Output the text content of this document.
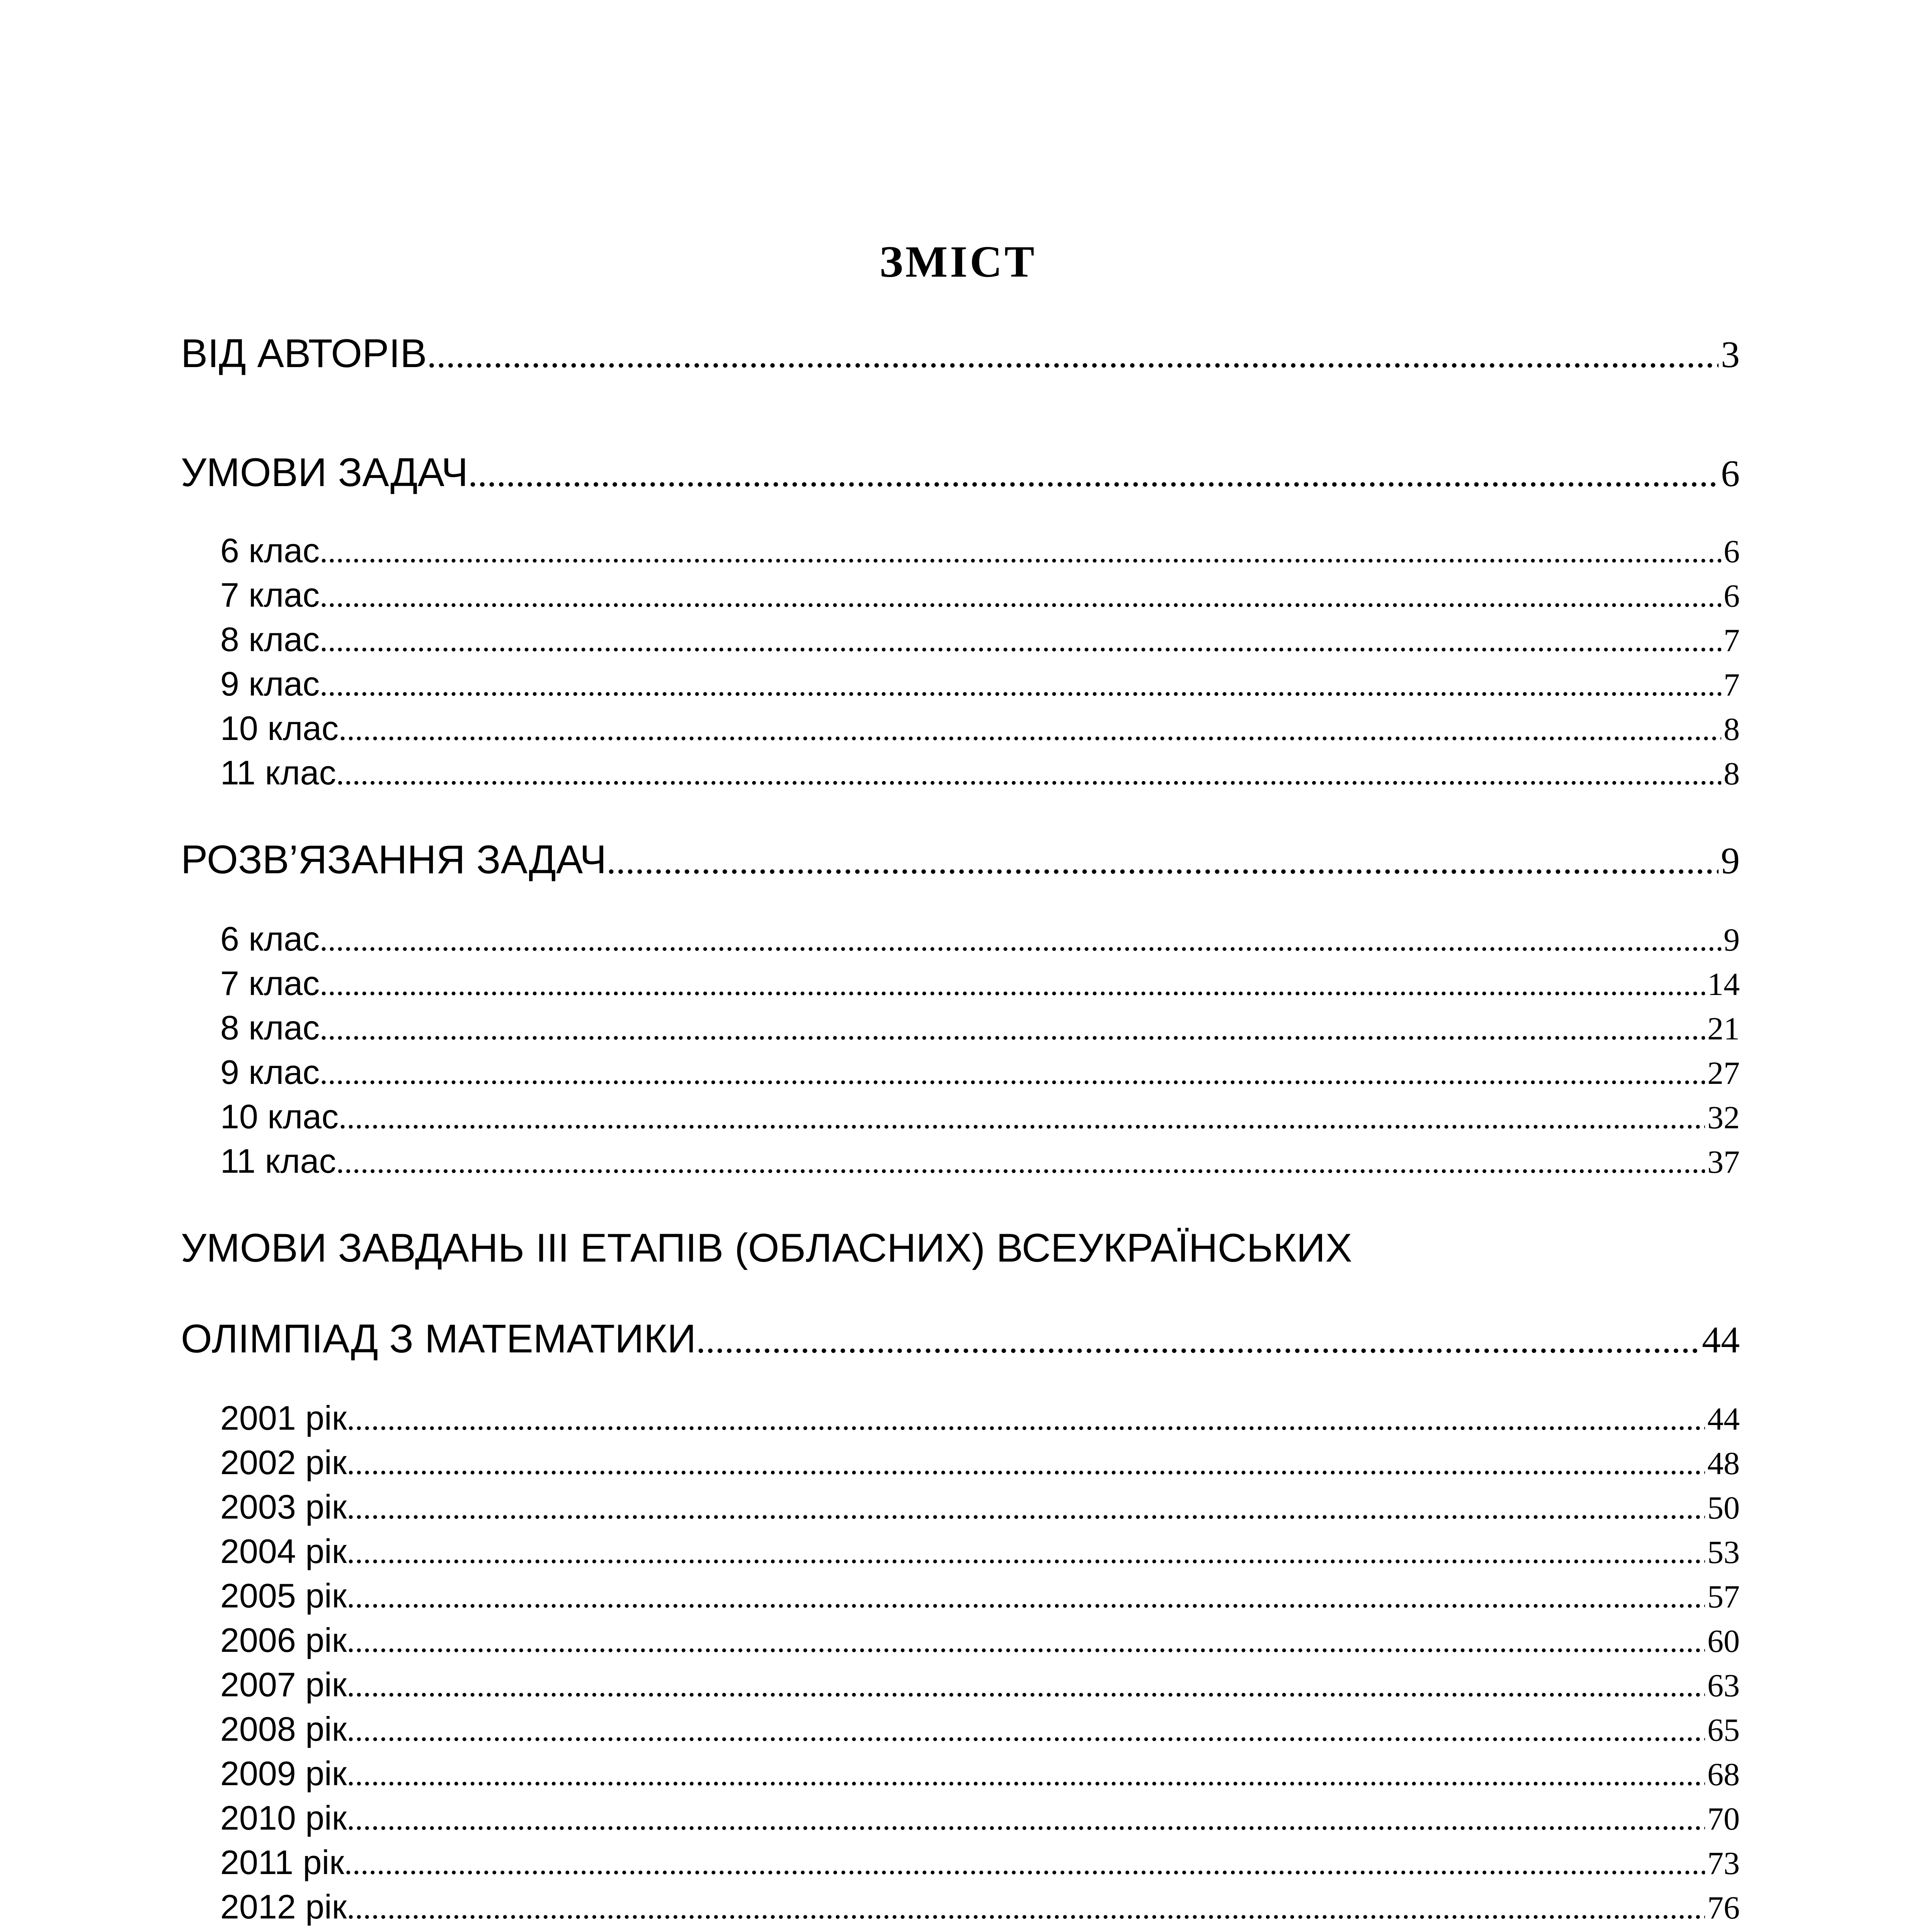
ЗМІСТ
ВІД АВТОРІВ .....	3
УМОВИ ЗАДАЧ .....	6
6 клас .....	6
7 клас .....	6
8 клас .....	7
9 клас .....	7
10 клас .....	8
11 клас .....	8
РОЗВ’ЯЗАННЯ ЗАДАЧ .....	9
6 клас .....	9
7 клас .....	14
8 клас .....	21
9 клас .....	27
10 клас .....	32
11 клас .....	37
УМОВИ ЗАВДАНЬ ІІІ ЕТАПІВ (ОБЛАСНИХ) ВСЕУКРАЇНСЬКИХ
ОЛІМПІАД З МАТЕМАТИКИ .....	44
2001 рік .....	44
2002 рік .....	48
2003 рік .....	50
2004 рік .....	53
2005 рік .....	57
2006 рік .....	60
2007 рік .....	63
2008 рік .....	65
2009 рік .....	68
2010 рік .....	70
2011 рік .....	73
2012 рік .....	76
